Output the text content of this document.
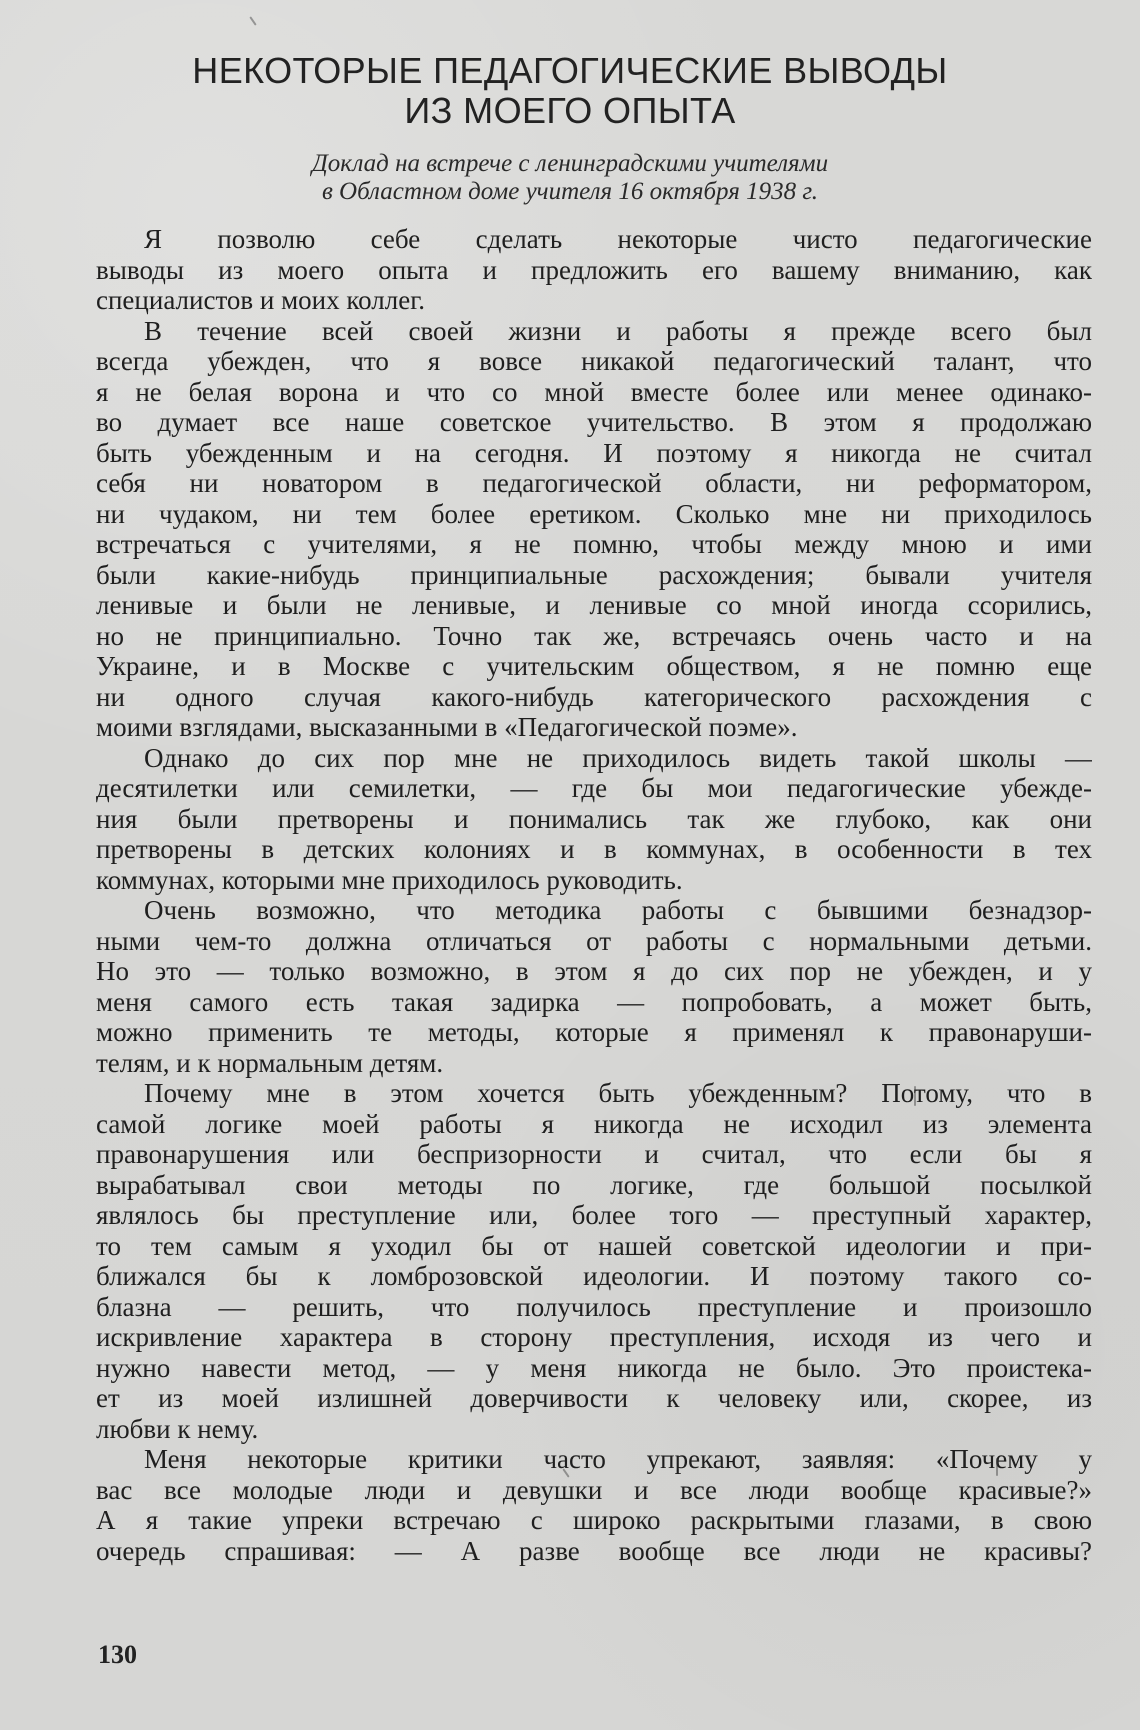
НЕКОТОРЫЕ ПЕДАГОГИЧЕСКИЕ ВЫВОДЫ
ИЗ МОЕГО ОПЫТА
Доклад на встрече с ленинградскими учителями
в Областном доме учителя 16 октября 1938 г.
Я позволю себе сделать некоторые чисто педагогические
выводы из моего опыта и предложить его вашему вниманию, как
специалистов и моих коллег.
В течение всей своей жизни и работы я прежде всего был
всегда убежден, что я вовсе никакой педагогический талант, что
я не белая ворона и что со мной вместе более или менее одинако-
во думает все наше советское учительство. В этом я продолжаю
быть убежденным и на сегодня. И поэтому я никогда не считал
себя ни новатором в педагогической области, ни реформатором,
ни чудаком, ни тем более еретиком. Сколько мне ни приходилось
встречаться с учителями, я не помню, чтобы между мною и ими
были какие-нибудь принципиальные расхождения; бывали учителя
ленивые и были не ленивые, и ленивые со мной иногда ссорились,
но не принципиально. Точно так же, встречаясь очень часто и на
Украине, и в Москве с учительским обществом, я не помню еще
ни одного случая какого-нибудь категорического расхождения с
моими взглядами, высказанными в «Педагогической поэме».
Однако до сих пор мне не приходилось видеть такой школы —
десятилетки или семилетки, — где бы мои педагогические убежде-
ния были претворены и понимались так же глубоко, как они
претворены в детских колониях и в коммунах, в особенности в тех
коммунах, которыми мне приходилось руководить.
Очень возможно, что методика работы с бывшими безнадзор-
ными чем-то должна отличаться от работы с нормальными детьми.
Но это — только возможно, в этом я до сих пор не убежден, и у
меня самого есть такая задирка — попробовать, а может быть,
можно применить те методы, которые я применял к правонаруши-
телям, и к нормальным детям.
Почему мне в этом хочется быть убежденным? Потому, что в
самой логике моей работы я никогда не исходил из элемента
правонарушения или беспризорности и считал, что если бы я
вырабатывал свои методы по логике, где большой посылкой
являлось бы преступление или, более того — преступный характер,
то тем самым я уходил бы от нашей советской идеологии и при-
ближался бы к ломброзовской идеологии. И поэтому такого со-
блазна — решить, что получилось преступление и произошло
искривление характера в сторону преступления, исходя из чего и
нужно навести метод, — у меня никогда не было. Это проистека-
ет из моей излишней доверчивости к человеку или, скорее, из
любви к нему.
Меня некоторые критики часто упрекают, заявляя: «Почему у
вас все молодые люди и девушки и все люди вообще красивые?»
А я такие упреки встречаю с широко раскрытыми глазами, в свою
очередь спрашивая: — А разве вообще все люди не красивы?
130
